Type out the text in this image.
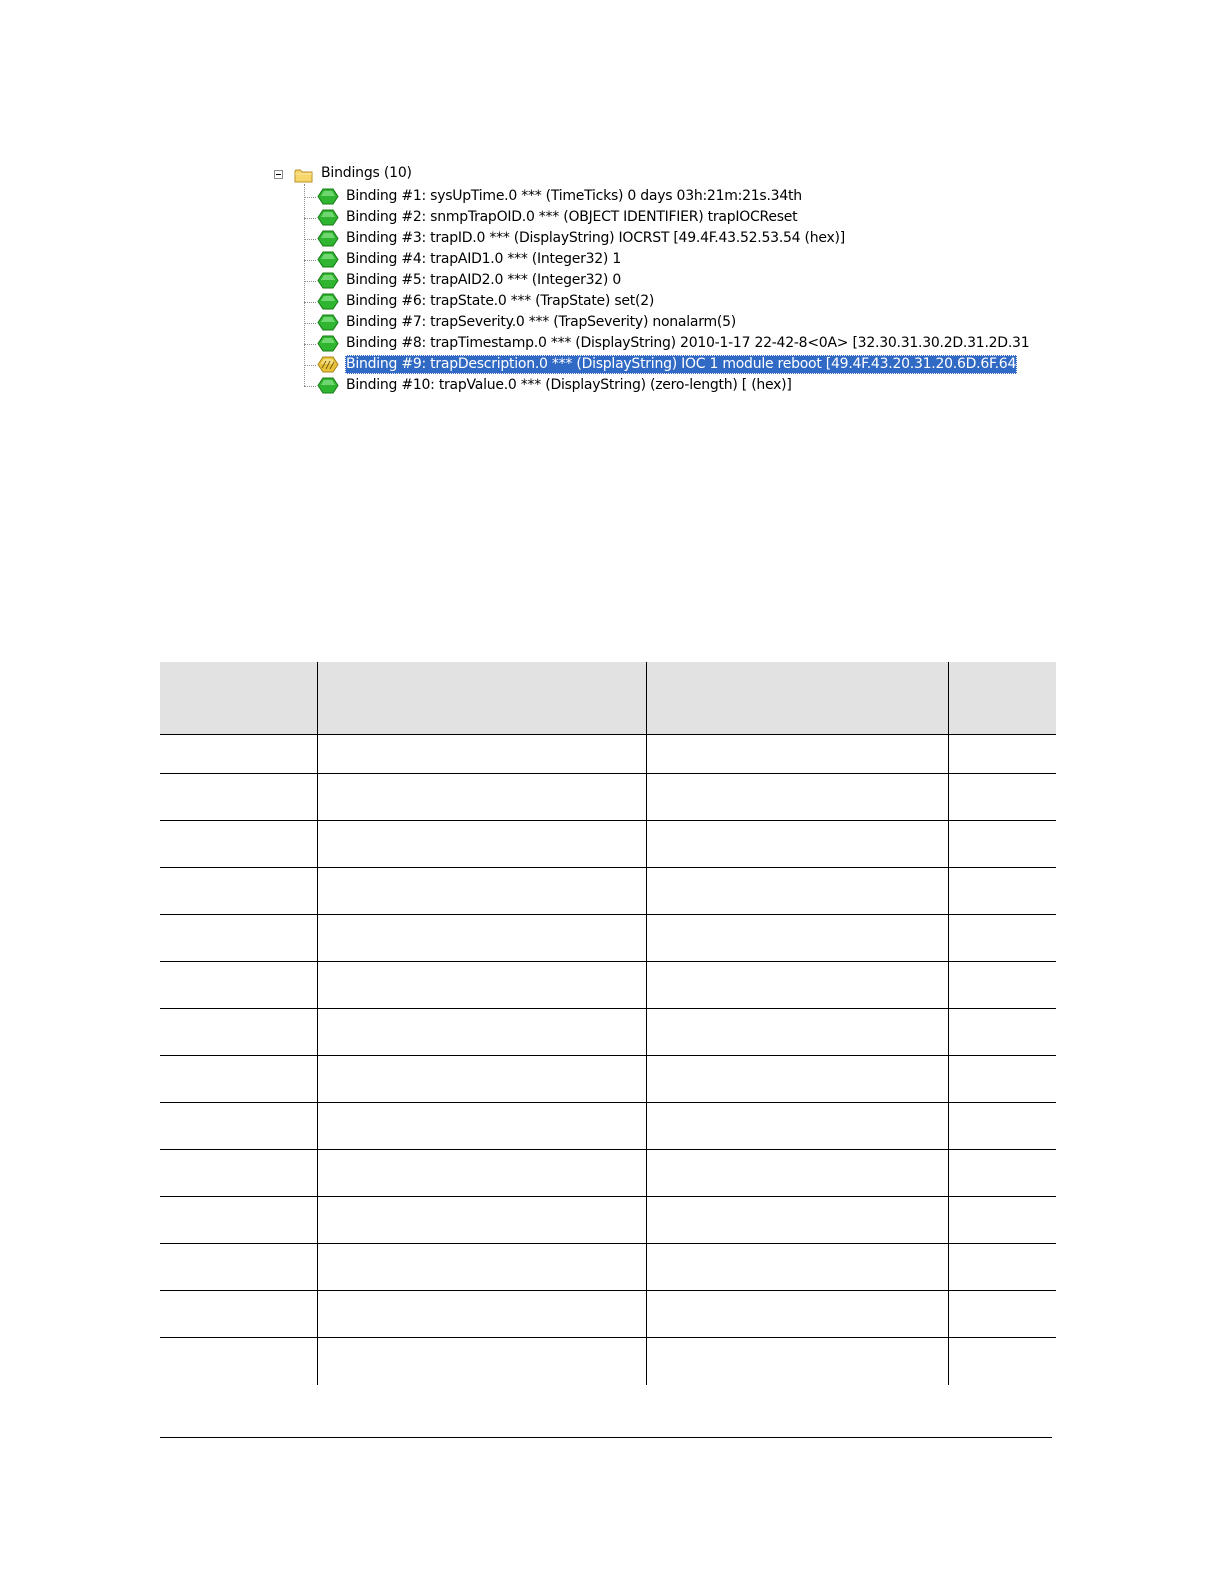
Bindings (10)
Binding #1: sysUpTime.0 *** (TimeTicks) 0 days 03h:21m:21s.34th
Binding #2: snmpTrapOID.0 *** (OBJECT IDENTIFIER) trapIOCReset
Binding #3: trapID.0 *** (DisplayString) IOCRST [49.4F.43.52.53.54 (hex)]
Binding #4: trapAID1.0 *** (Integer32) 1
Binding #5: trapAID2.0 *** (Integer32) 0
Binding #6: trapState.0 *** (TrapState) set(2)
Binding #7: trapSeverity.0 *** (TrapSeverity) nonalarm(5)
Binding #8: trapTimestamp.0 *** (DisplayString) 2010-1-17 22-42-8<0A> [32.30.31.30.2D.31.2D.31
Binding #9: trapDescription.0 *** (DisplayString) IOC 1 module reboot [49.4F.43.20.31.20.6D.6F.64
Binding #10: trapValue.0 *** (DisplayString) (zero-length) [ (hex)]
